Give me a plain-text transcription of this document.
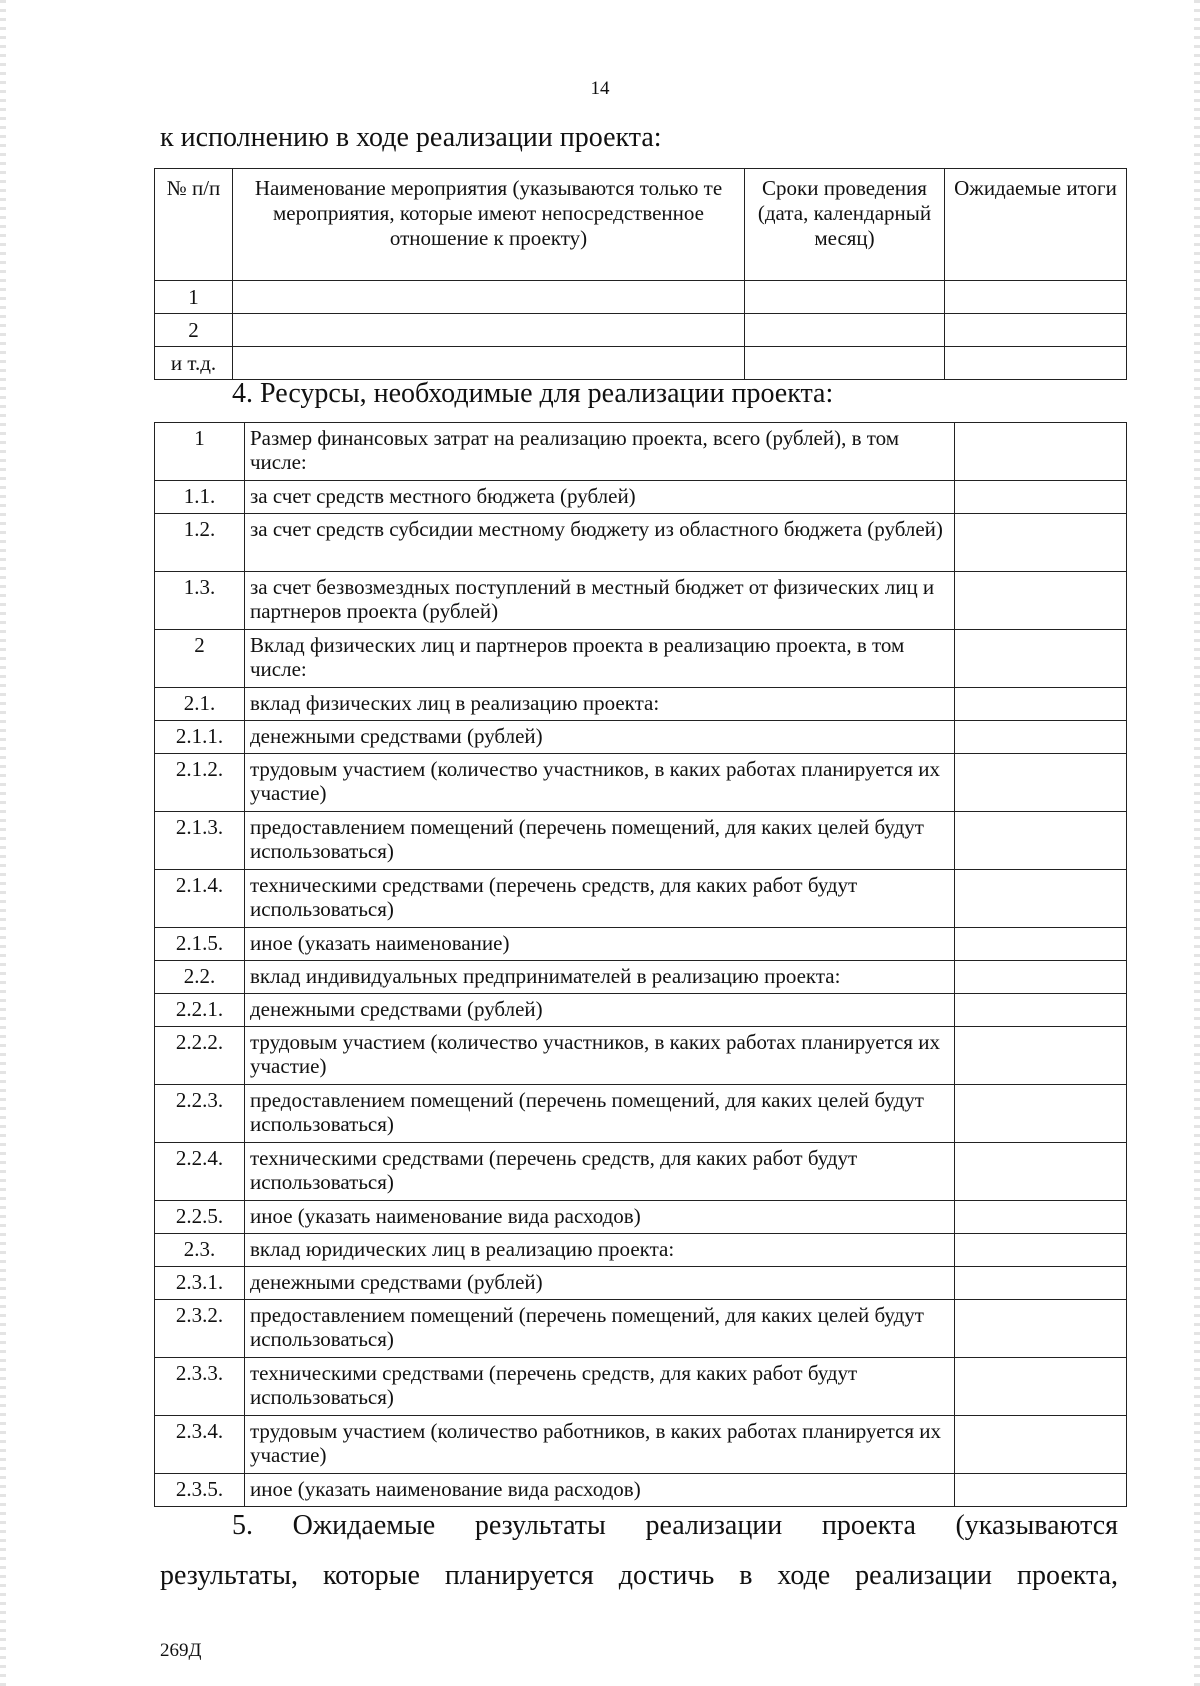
14
к исполнению в ходе реализации проекта:
№ п/п	Наименование мероприятия (указываются только те мероприятия, которые имеют непосредственное отношение к проекту)	Сроки проведения (дата, календарный месяц)	Ожидаемые итоги
1			
2			
и т.д.			
4. Ресурсы, необходимые для реализации проекта:
1	Размер финансовых затрат на реализацию проекта, всего (рублей), в том числе:	
1.1.	за счет средств местного бюджета (рублей)	
1.2.	за счет средств субсидии местному бюджету из областного бюджета (рублей)	
1.3.	за счет безвозмездных поступлений в местный бюджет от физических лиц и партнеров проекта (рублей)	
2	Вклад физических лиц и партнеров проекта в реализацию проекта, в том числе:	
2.1.	вклад физических лиц в реализацию проекта:	
2.1.1.	денежными средствами (рублей)	
2.1.2.	трудовым участием (количество участников, в каких работах планируется их участие)	
2.1.3.	предоставлением помещений (перечень помещений, для каких целей будут использоваться)	
2.1.4.	техническими средствами (перечень средств, для каких работ будут использоваться)	
2.1.5.	иное (указать наименование)	
2.2.	вклад индивидуальных предпринимателей в реализацию проекта:	
2.2.1.	денежными средствами (рублей)	
2.2.2.	трудовым участием (количество участников, в каких работах планируется их участие)	
2.2.3.	предоставлением помещений (перечень помещений, для каких целей будут использоваться)	
2.2.4.	техническими средствами (перечень средств, для каких работ будут использоваться)	
2.2.5.	иное (указать наименование вида расходов)	
2.3.	вклад юридических лиц в реализацию проекта:	
2.3.1.	денежными средствами (рублей)	
2.3.2.	предоставлением помещений (перечень помещений, для каких целей будут использоваться)	
2.3.3.	техническими средствами (перечень средств, для каких работ будут использоваться)	
2.3.4.	трудовым участием (количество работников, в каких работах планируется их участие)	
2.3.5.	иное (указать наименование вида расходов)	
5. Ожидаемые результаты реализации проекта (указываются
результаты, которые планируется достичь в ходе реализации проекта,
269Д
